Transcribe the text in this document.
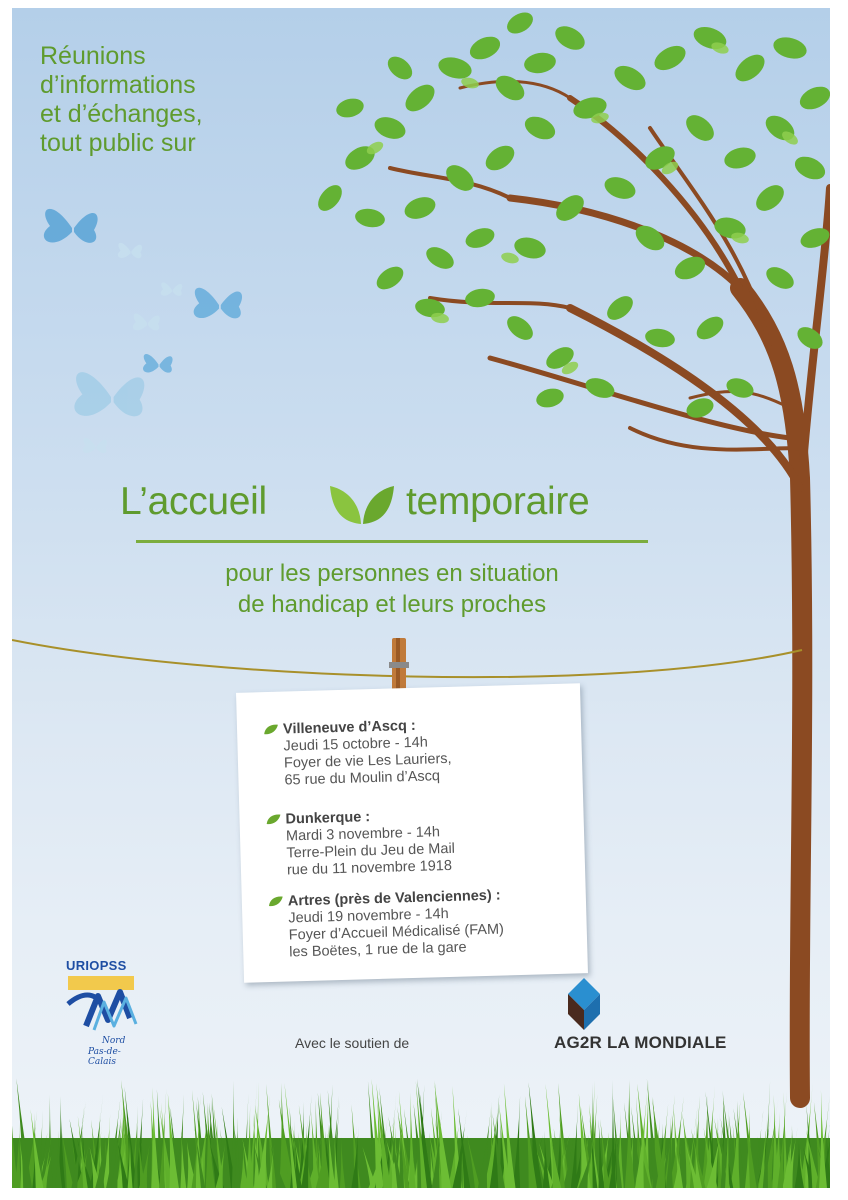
Réunions
d’informations
et d’échanges,
tout public sur
L’accueil	temporaire
pour les personnes en situation
de handicap et leurs proches
Villeneuve d’Ascq :
Jeudi 15 octobre - 14h
Foyer de vie Les Lauriers,
65 rue du Moulin d’Ascq
Dunkerque :
Mardi 3 novembre - 14h
Terre-Plein du Jeu de Mail
rue du 11 novembre 1918
Artres (près de Valenciennes) :
Jeudi 19 novembre - 14h
Foyer d’Accueil Médicalisé (FAM)
les Boëtes, 1 rue de la gare
URIOPSS
Nord
Pas-de-Calais
Avec le soutien de	AG2R LA MONDIALE
